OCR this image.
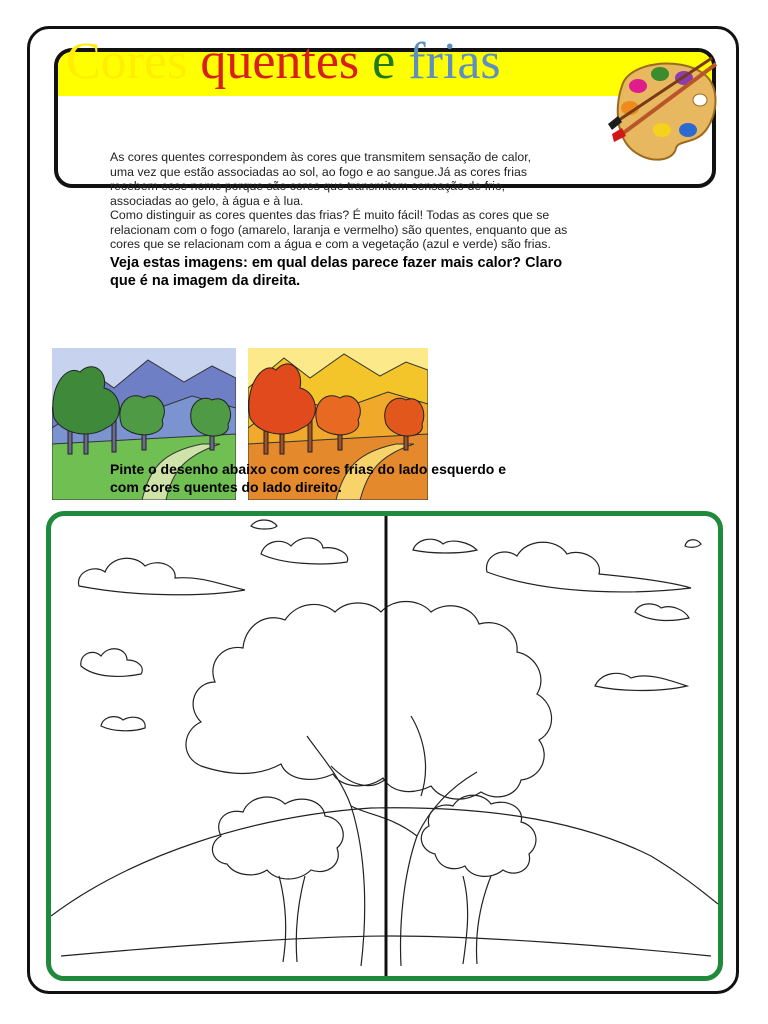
Cores quentes e frias

As cores quentes correspondem às cores que transmitem sensação de calor,

uma vez que estão associadas ao sol, ao fogo e ao sangue.Já as cores frias

recebem esse nome porque são cores que transmitem sensação de frio,

associadas ao gelo, à água e à lua.

Como distinguir as cores quentes das frias? É muito fácil! Todas as cores que se

relacionam com o fogo (amarelo, laranja e vermelho) são quentes, enquanto que as

cores que se relacionam com a água e com a vegetação (azul e verde) são frias.

Veja estas imagens: em qual delas parece fazer mais calor? Claro
que é na imagem da direita.
Pinte o desenho abaixo com cores frias do lado esquerdo e
com cores quentes do lado direito.
